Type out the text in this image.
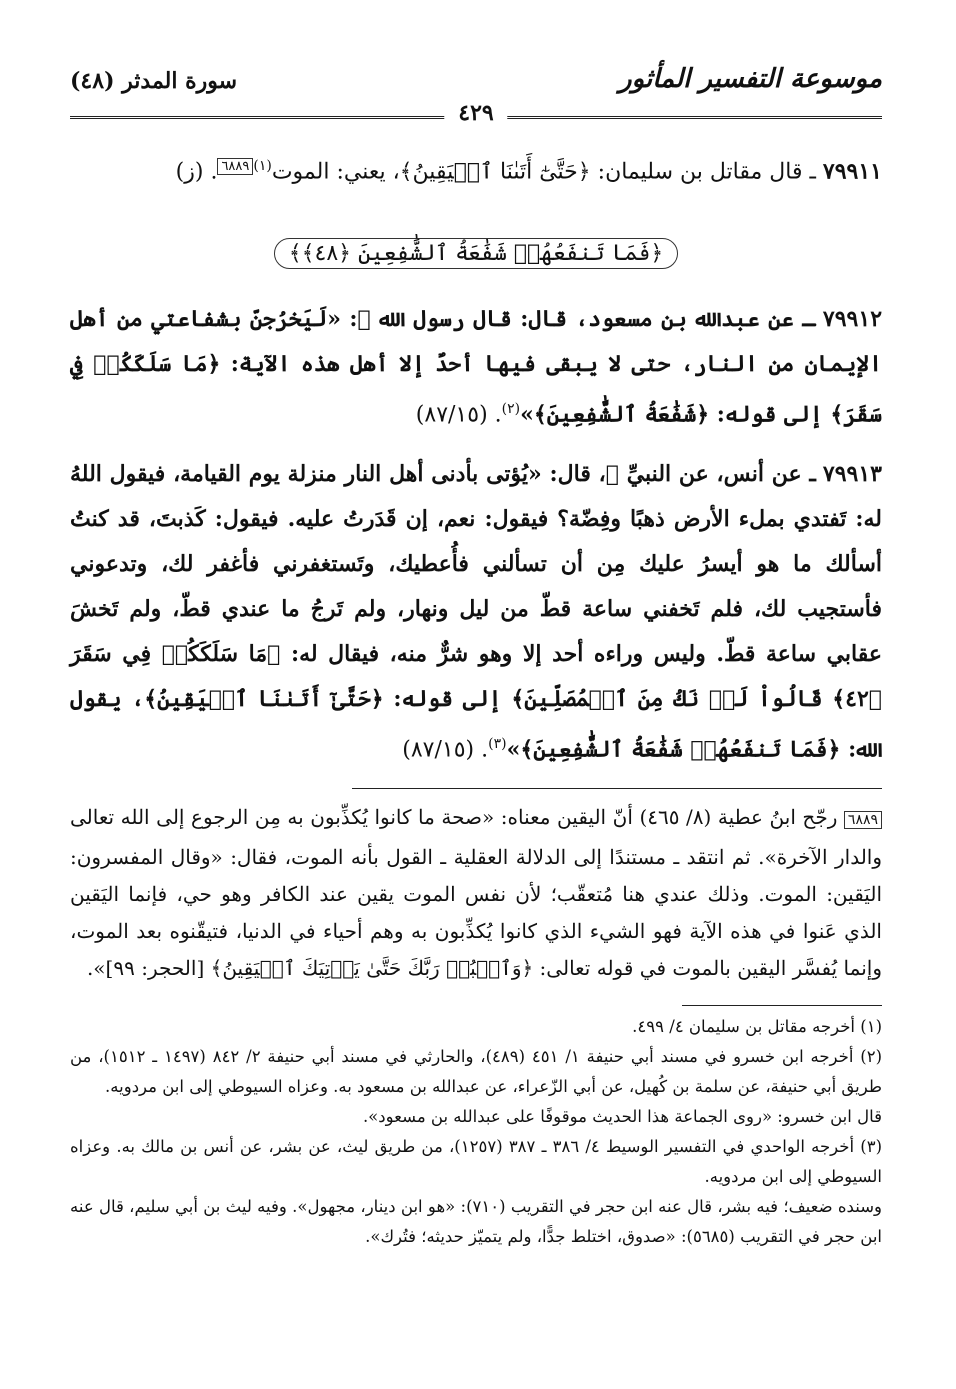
موسوعة التفسير المأثور
سورة المدثر (٤٨)
٤٢٩

٧٩٩١١ ـ قال مقاتل بن سليمان: ﴿حَتَّىٰٓ أَتَىٰنَا ٱلۡيَقِينُ﴾، يعني: الموت$^{(١)٦٨٨٩}$. (ز)

﴿فَمَا تَنفَعُهُمۡ شَفَٰعَةُ ٱلشَّٰفِعِينَ ﴿٤٨﴾﴾

٧٩٩١٢ ـ عن عبدالله بن مسعود، قال: قال رسول الله ﷺ: «لَيَخرُجنّ بشفاعتي من أهل الإيمان من النار، حتى لا يبقى فيها أحدٌ إلا أهل هذه الآية: ﴿مَا سَلَكَكُمۡ فِي سَقَرَ﴾ إلى قوله: ﴿شَفَٰعَةُ ٱلشَّٰفِعِينَ﴾»$^{(٢)}$. (٨٧/١٥)

٧٩٩١٣ ـ عن أنس، عن النبيِّ ﷺ، قال: «يُؤتى بأدنى أهل النار منزلة يوم القيامة، فيقول اللهُ له: تَفتدي بملء الأرض ذهبًا وفِضّة؟ فيقول: نعم، إن قَدَرتُ عليه. فيقول: كَذبتَ، قد كنتُ أسألك ما هو أيسرُ عليك مِن أن تسألني فأُعطيك، وتَستغفرني فأغفر لك، وتدعوني فأستجيب لك، فلم تَخفني ساعة قطّ من ليل ونهار، ولم تَرجُ ما عندي قطّ، ولم تَخشَ عقابي ساعة قطّ. وليس وراءه أحد إلا وهو شرٌّ منه، فيقال له: ﴿مَا سَلَكَكُمۡ فِي سَقَرَ ﴿٤٢﴾ قَالُواْ لَمۡ نَكُ مِنَ ٱلۡمُصَلِّينَ﴾ إلى قوله: ﴿حَتَّىٰٓ أَتَىٰنَا ٱلۡيَقِينُ﴾، يقول الله: ﴿فَمَا تَنفَعُهُمۡ شَفَٰعَةُ ٱلشَّٰفِعِينَ﴾»$^{(٣)}$. (٨٧/١٥)

٦٨٨٩ رجّح ابنُ عطية (٨/ ٤٦٥) أنّ اليقين معناه: «صحة ما كانوا يُكذِّبون به مِن الرجوع إلى الله تعالى والدار الآخرة». ثم انتقد ـ مستندًا إلى الدلالة العقلية ـ القول بأنه الموت، فقال: «وقال المفسرون: اليَقين: الموت. وذلك عندي هنا مُتعقّب؛ لأن نفس الموت يقين عند الكافر وهو حي، فإنما اليَقين الذي عَنوا في هذه الآية فهو الشيء الذي كانوا يُكذِّبون به وهم أحياء في الدنيا، فتيقّنوه بعد الموت، وإنما يُفسَّر اليقين بالموت في قوله تعالى: ﴿وَٱعۡبُدۡ رَبَّكَ حَتَّىٰ يَأۡتِيَكَ ٱلۡيَقِينُ﴾ [الحجر: ٩٩]».

(١) أخرجه مقاتل بن سليمان ٤/ ٤٩٩.

(٢) أخرجه ابن خسرو في مسند أبي حنيفة ١/ ٤٥١ (٤٨٩)، والحارثي في مسند أبي حنيفة ٢/ ٨٤٢ (١٤٩٧ ـ ١٥١٢)، من طريق أبي حنيفة، عن سلمة بن كُهيل، عن أبي الزّعراء، عن عبدالله بن مسعود به. وعزاه السيوطي إلى ابن مردويه.

قال ابن خسرو: «روى الجماعة هذا الحديث موقوفًا على عبدالله بن مسعود».

(٣) أخرجه الواحدي في التفسير الوسيط ٤/ ٣٨٦ ـ ٣٨٧ (١٢٥٧)، من طريق ليث، عن بشر، عن أنس بن مالك به. وعزاه السيوطي إلى ابن مردويه.

وسنده ضعيف؛ فيه بشر، قال عنه ابن حجر في التقريب (٧١٠): «هو ابن دينار، مجهول». وفيه ليث بن أبي سليم، قال عنه ابن حجر في التقريب (٥٦٨٥): «صدوق، اختلط جدًّا، ولم يتميّز حديثه؛ فتُرك».
